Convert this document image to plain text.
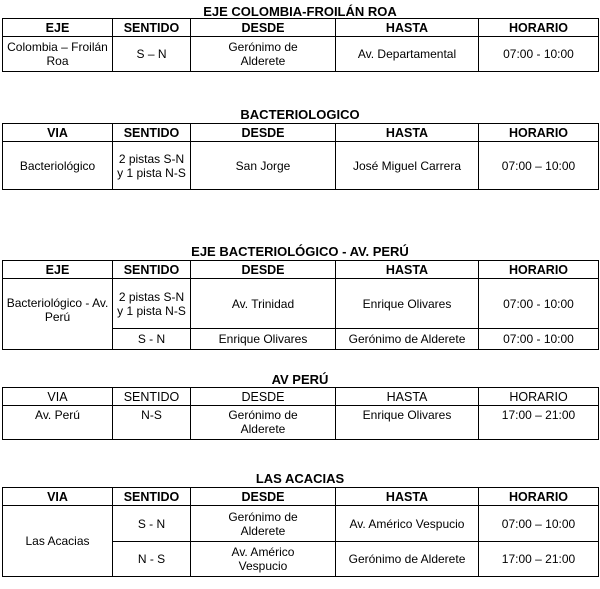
EJE COLOMBIA-FROILÁN ROA
EJE	SENTIDO	DESDE	HASTA	HORARIO
Colombia – Froilán Roa	S – N	Gerónimo de Alderete	Av. Departamental	07:00 - 10:00
BACTERIOLOGICO
VIA	SENTIDO	DESDE	HASTA	HORARIO
Bacteriológico	2 pistas S-N y 1 pista N-S	San Jorge	José Miguel Carrera	07:00 – 10:00
EJE BACTERIOLÓGICO - AV. PERÚ
EJE	SENTIDO	DESDE	HASTA	HORARIO
Bacteriológico - Av. Perú	2 pistas S-N y 1 pista N-S	Av. Trinidad	Enrique Olivares	07:00 - 10:00
	S - N	Enrique Olivares	Gerónimo de Alderete	07:00 - 10:00
AV PERÚ
VIA	SENTIDO	DESDE	HASTA	HORARIO
Av. Perú	N-S	Gerónimo de Alderete	Enrique Olivares	17:00 – 21:00
LAS ACACIAS
VIA	SENTIDO	DESDE	HASTA	HORARIO
Las Acacias	S - N	Gerónimo de Alderete	Av. Américo Vespucio	07:00 – 10:00
	N - S	Av. Américo Vespucio	Gerónimo de Alderete	17:00 – 21:00
